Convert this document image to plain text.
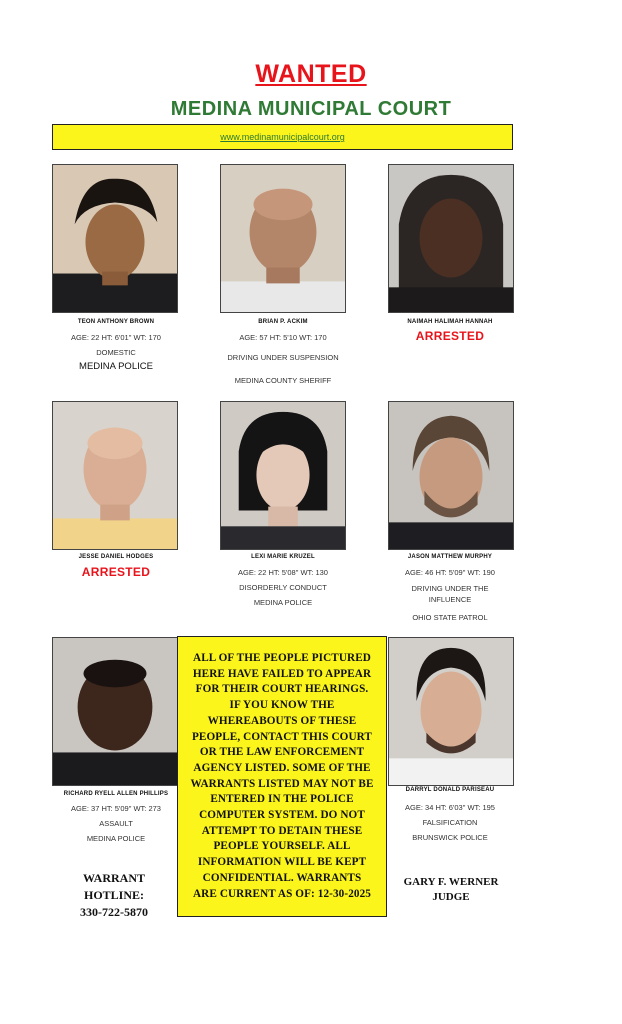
WANTED
MEDINA MUNICIPAL COURT
www.medinamunicipalcourt.org
TEON ANTHONY BROWN
AGE: 22 HT: 6'01" WT: 170
DOMESTIC
MEDINA POLICE
BRIAN P. ACKIM
AGE: 57 HT: 5'10 WT: 170
DRIVING UNDER SUSPENSION
MEDINA COUNTY SHERIFF
NAIMAH HALIMAH HANNAH
ARRESTED
JESSE DANIEL HODGES
ARRESTED
LEXI MARIE KRUZEL
AGE: 22 HT: 5'08" WT: 130
DISORDERLY CONDUCT
MEDINA POLICE
JASON MATTHEW MURPHY
AGE: 46 HT: 5'09" WT: 190
DRIVING UNDER THE
INFLUENCE
OHIO STATE PATROL
RICHARD RYELL ALLEN PHILLIPS
AGE: 37 HT: 5'09" WT: 273
ASSAULT
MEDINA POLICE
ALL OF THE PEOPLE PICTURED
HERE HAVE FAILED TO APPEAR
FOR THEIR COURT HEARINGS.
IF YOU KNOW THE
WHEREABOUTS OF THESE
PEOPLE, CONTACT THIS COURT
OR THE LAW ENFORCEMENT
AGENCY LISTED. SOME OF THE
WARRANTS LISTED MAY NOT BE
ENTERED IN THE POLICE
COMPUTER SYSTEM. DO NOT
ATTEMPT TO DETAIN THESE
PEOPLE YOURSELF. ALL
INFORMATION WILL BE KEPT
CONFIDENTIAL. WARRANTS
ARE CURRENT AS OF: 12-30-2025
DARRYL DONALD PARISEAU
AGE: 34 HT: 6'03" WT: 195
FALSIFICATION
BRUNSWICK POLICE
WARRANT
HOTLINE:
330-722-5870
GARY F. WERNER
JUDGE
